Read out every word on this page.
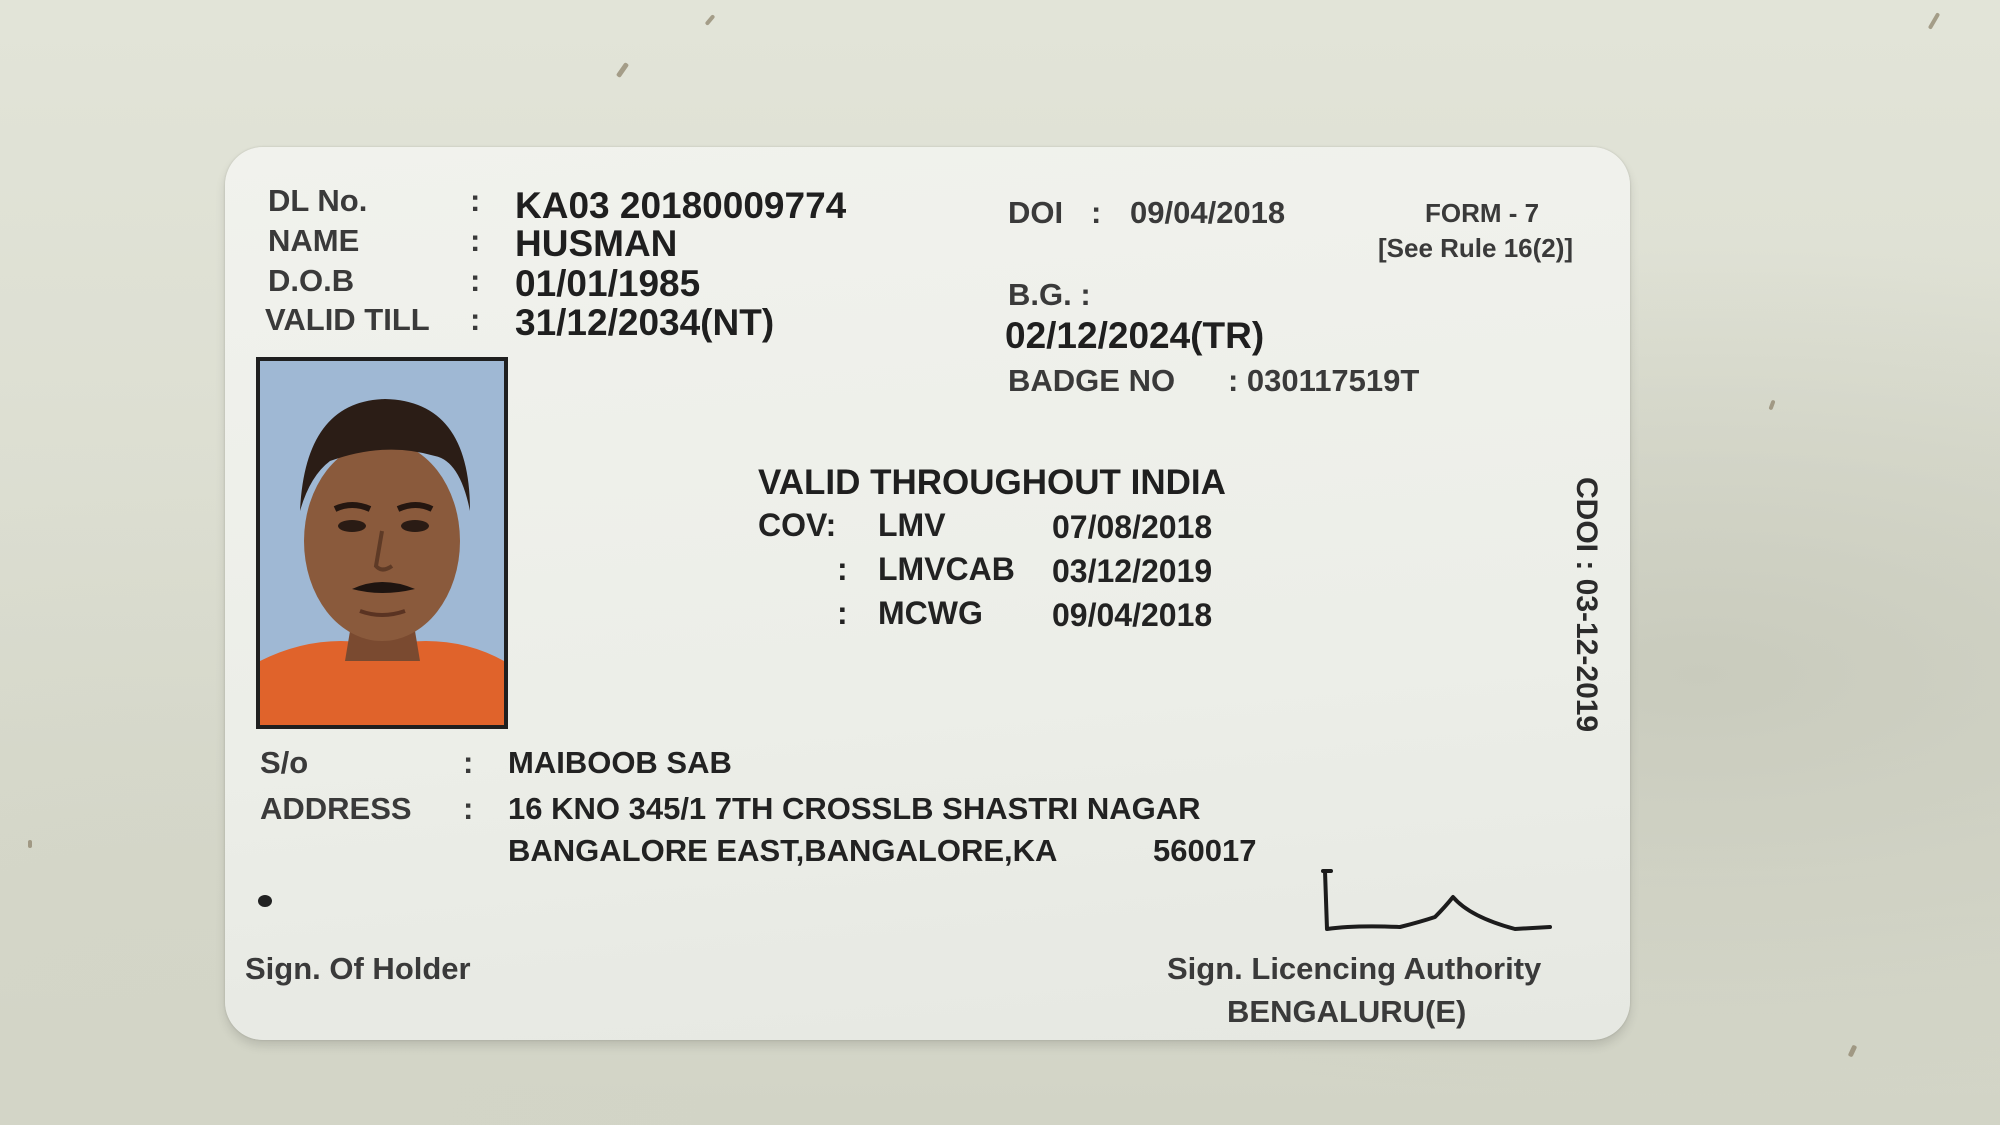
DL No.	: KA03 20180009774
NAME	: HUSMAN
D.O.B	: 01/01/1985
VALID TILL : 31/12/2034(NT)
DOI : 09/04/2018	FORM - 7
[See Rule 16(2)]
B.G. :
02/12/2024(TR)
BADGE NO : 030117519T
VALID THROUGHOUT INDIA
COV: LMV	07/08/2018
: LMVCAB 03/12/2019
: MCWG 09/04/2018	CDOI : 03-12-2019
S/o	: MAIBOOB SAB
ADDRESS : 16 KNO 345/1 7TH CROSSLB SHASTRI NAGAR
BANGALORE EAST,BANGALORE,KA	560017
Sign. Of Holder	Sign. Licencing Authority
BENGALURU(E)
